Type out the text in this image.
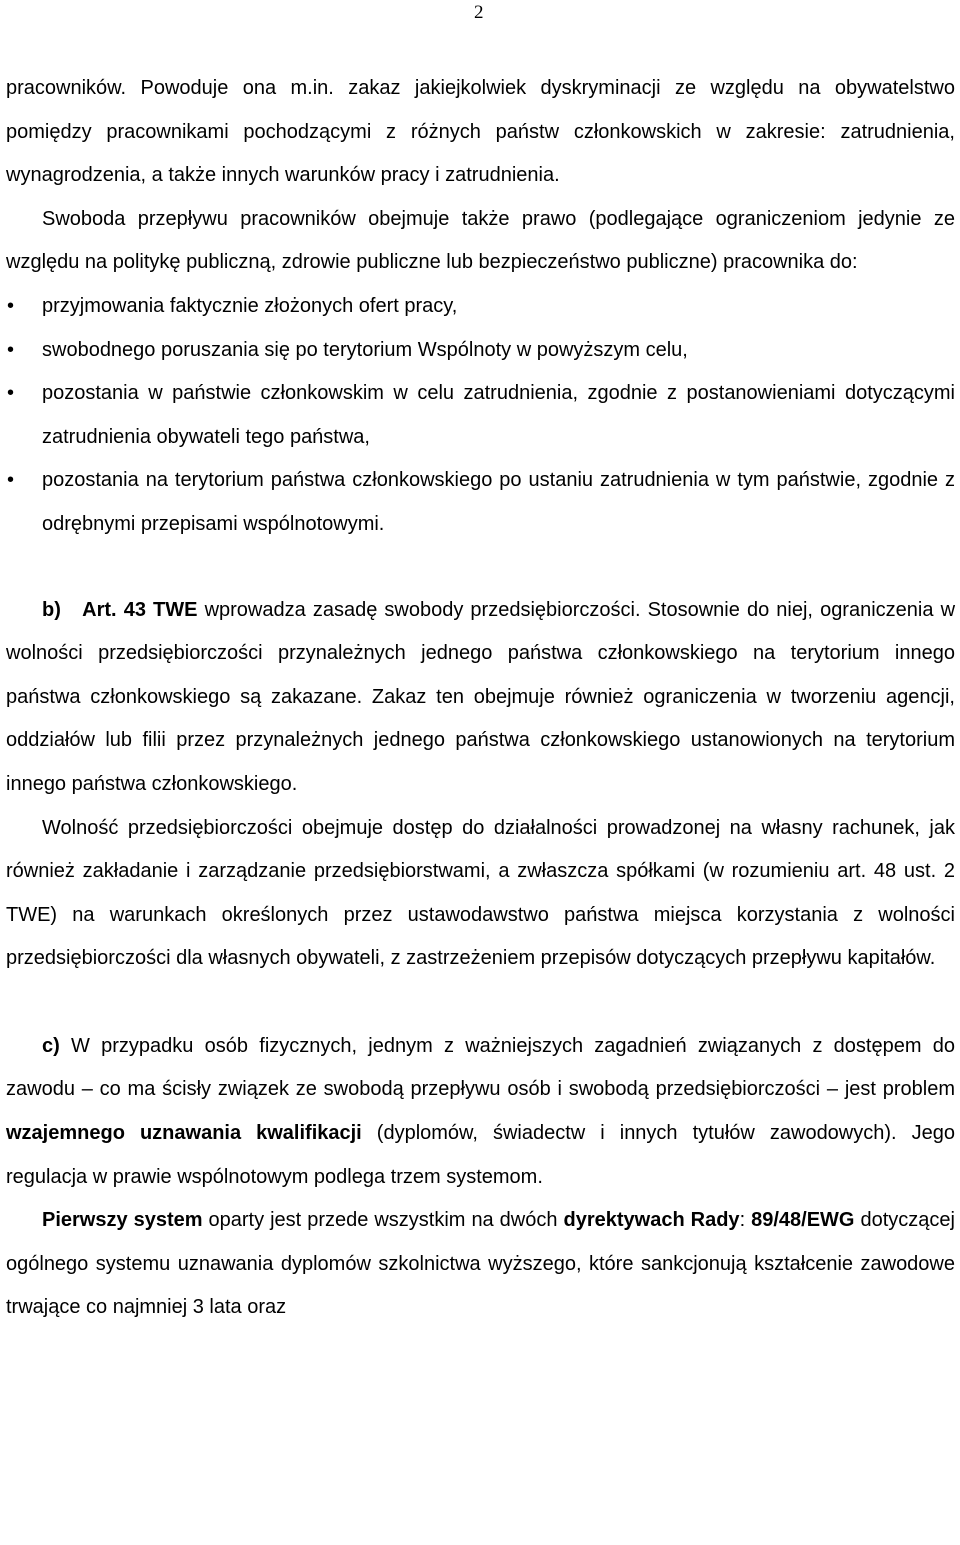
2

pracowników. Powoduje ona m.in. zakaz jakiejkolwiek dyskryminacji ze względu na obywatelstwo pomiędzy pracownikami pochodzącymi z różnych państw członkowskich w zakresie: zatrudnienia, wynagrodzenia, a także innych warunków pracy i zatrudnienia.

Swoboda przepływu pracowników obejmuje także prawo (podlegające ograniczeniom jedynie ze względu na politykę publiczną, zdrowie publiczne lub bezpieczeństwo publiczne) pracownika do:

• przyjmowania faktycznie złożonych ofert pracy,
• swobodnego poruszania się po terytorium Wspólnoty w powyższym celu,
• pozostania w państwie członkowskim w celu zatrudnienia, zgodnie z postanowieniami dotyczącymi zatrudnienia obywateli tego państwa,
• pozostania na terytorium państwa członkowskiego po ustaniu zatrudnienia w tym państwie, zgodnie z odrębnymi przepisami wspólnotowymi.

b) Art. 43 TWE wprowadza zasadę swobody przedsiębiorczości. Stosownie do niej, ograniczenia w wolności przedsiębiorczości przynależnych jednego państwa członkowskiego na terytorium innego państwa członkowskiego są zakazane. Zakaz ten obejmuje również ograniczenia w tworzeniu agencji, oddziałów lub filii przez przynależnych jednego państwa członkowskiego ustanowionych na terytorium innego państwa członkowskiego.

Wolność przedsiębiorczości obejmuje dostęp do działalności prowadzonej na własny rachunek, jak również zakładanie i zarządzanie przedsiębiorstwami, a zwłaszcza spółkami (w rozumieniu art. 48 ust. 2 TWE) na warunkach określonych przez ustawodawstwo państwa miejsca korzystania z wolności przedsiębiorczości dla własnych obywateli, z zastrzeżeniem przepisów dotyczących przepływu kapitałów.

c) W przypadku osób fizycznych, jednym z ważniejszych zagadnień związanych z dostępem do zawodu – co ma ścisły związek ze swobodą przepływu osób i swobodą przedsiębiorczości – jest problem wzajemnego uznawania kwalifikacji (dyplomów, świadectw i innych tytułów zawodowych). Jego regulacja w prawie wspólnotowym podlega trzem systemom.

Pierwszy system oparty jest przede wszystkim na dwóch dyrektywach Rady: 89/48/EWG dotyczącej ogólnego systemu uznawania dyplomów szkolnictwa wyższego, które sankcjonują kształcenie zawodowe trwające co najmniej 3 lata oraz
